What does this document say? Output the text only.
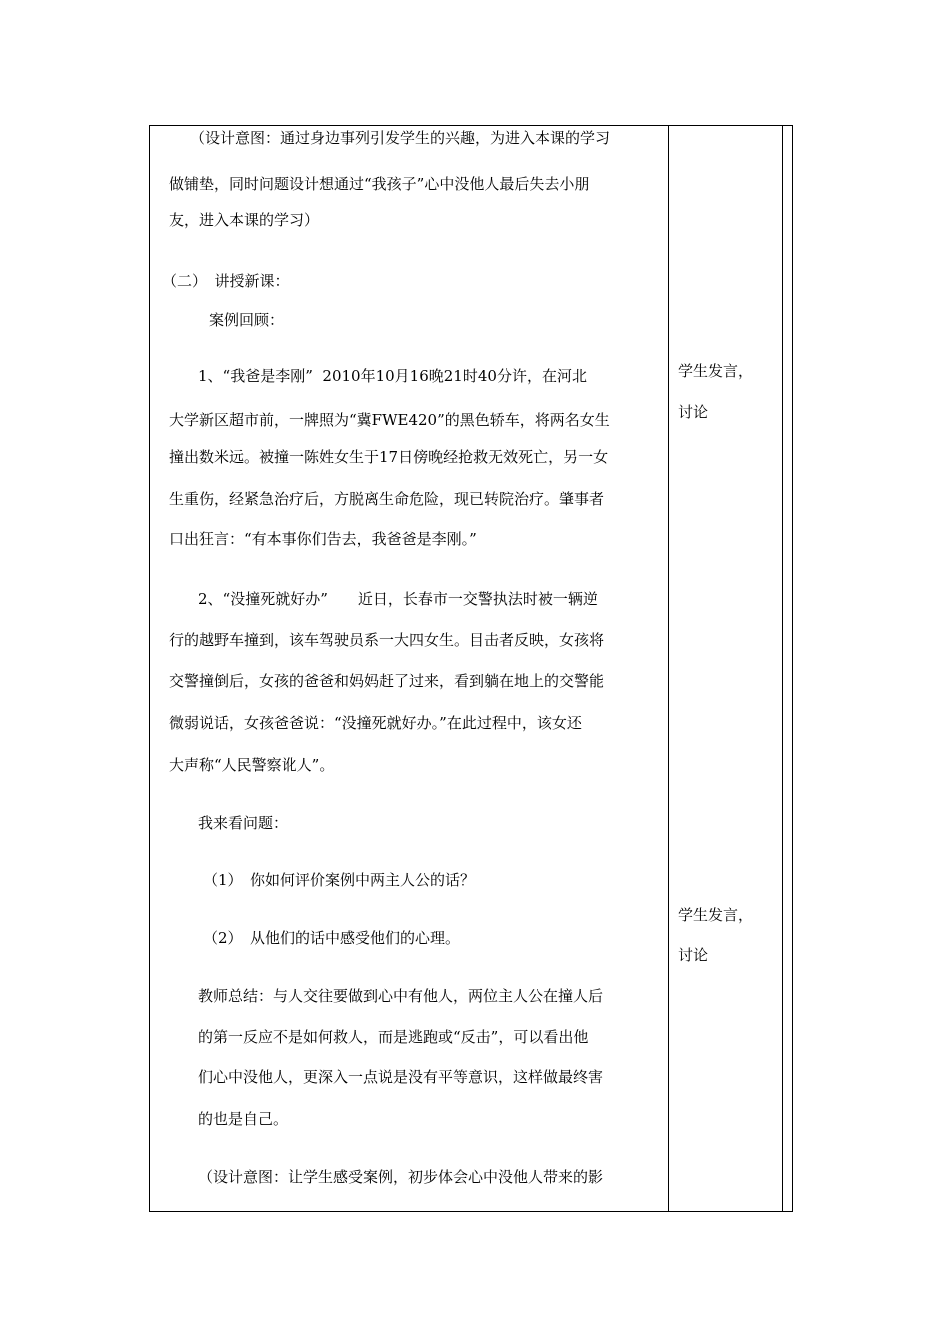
（设计意图：通过身边事列引发学生的兴趣，为进入本课的学习
做铺垫，同时问题设计想通过“我孩子”心中没他人最后失去小朋
友，进入本课的学习）
（二）　讲授新课：
案例回顾：
1、“我爸是李刚”  2010年10月16晚21时40分许，在河北
大学新区超市前，一牌照为“冀FWE420”的黑色轿车，将两名女生
撞出数米远。被撞一陈姓女生于17日傍晚经抢救无效死亡，另一女
生重伤，经紧急治疗后，方脱离生命危险，现已转院治疗。肇事者
口出狂言：“有本事你们告去，我爸爸是李刚。”
2、“没撞死就好办”　　近日，长春市一交警执法时被一辆逆
行的越野车撞到，该车驾驶员系一大四女生。目击者反映，女孩将
交警撞倒后，女孩的爸爸和妈妈赶了过来，看到躺在地上的交警能
微弱说话，女孩爸爸说：“没撞死就好办。”在此过程中，该女还
大声称“人民警察讹人”。
我来看问题：
（1）　你如何评价案例中两主人公的话？
（2）　从他们的话中感受他们的心理。
教师总结：与人交往要做到心中有他人，两位主人公在撞人后
的第一反应不是如何救人，而是逃跑或“反击”，可以看出他
们心中没他人，更深入一点说是没有平等意识，这样做最终害
的也是自己。
（设计意图：让学生感受案例，初步体会心中没他人带来的影
学生发言，
讨论
学生发言，
讨论
